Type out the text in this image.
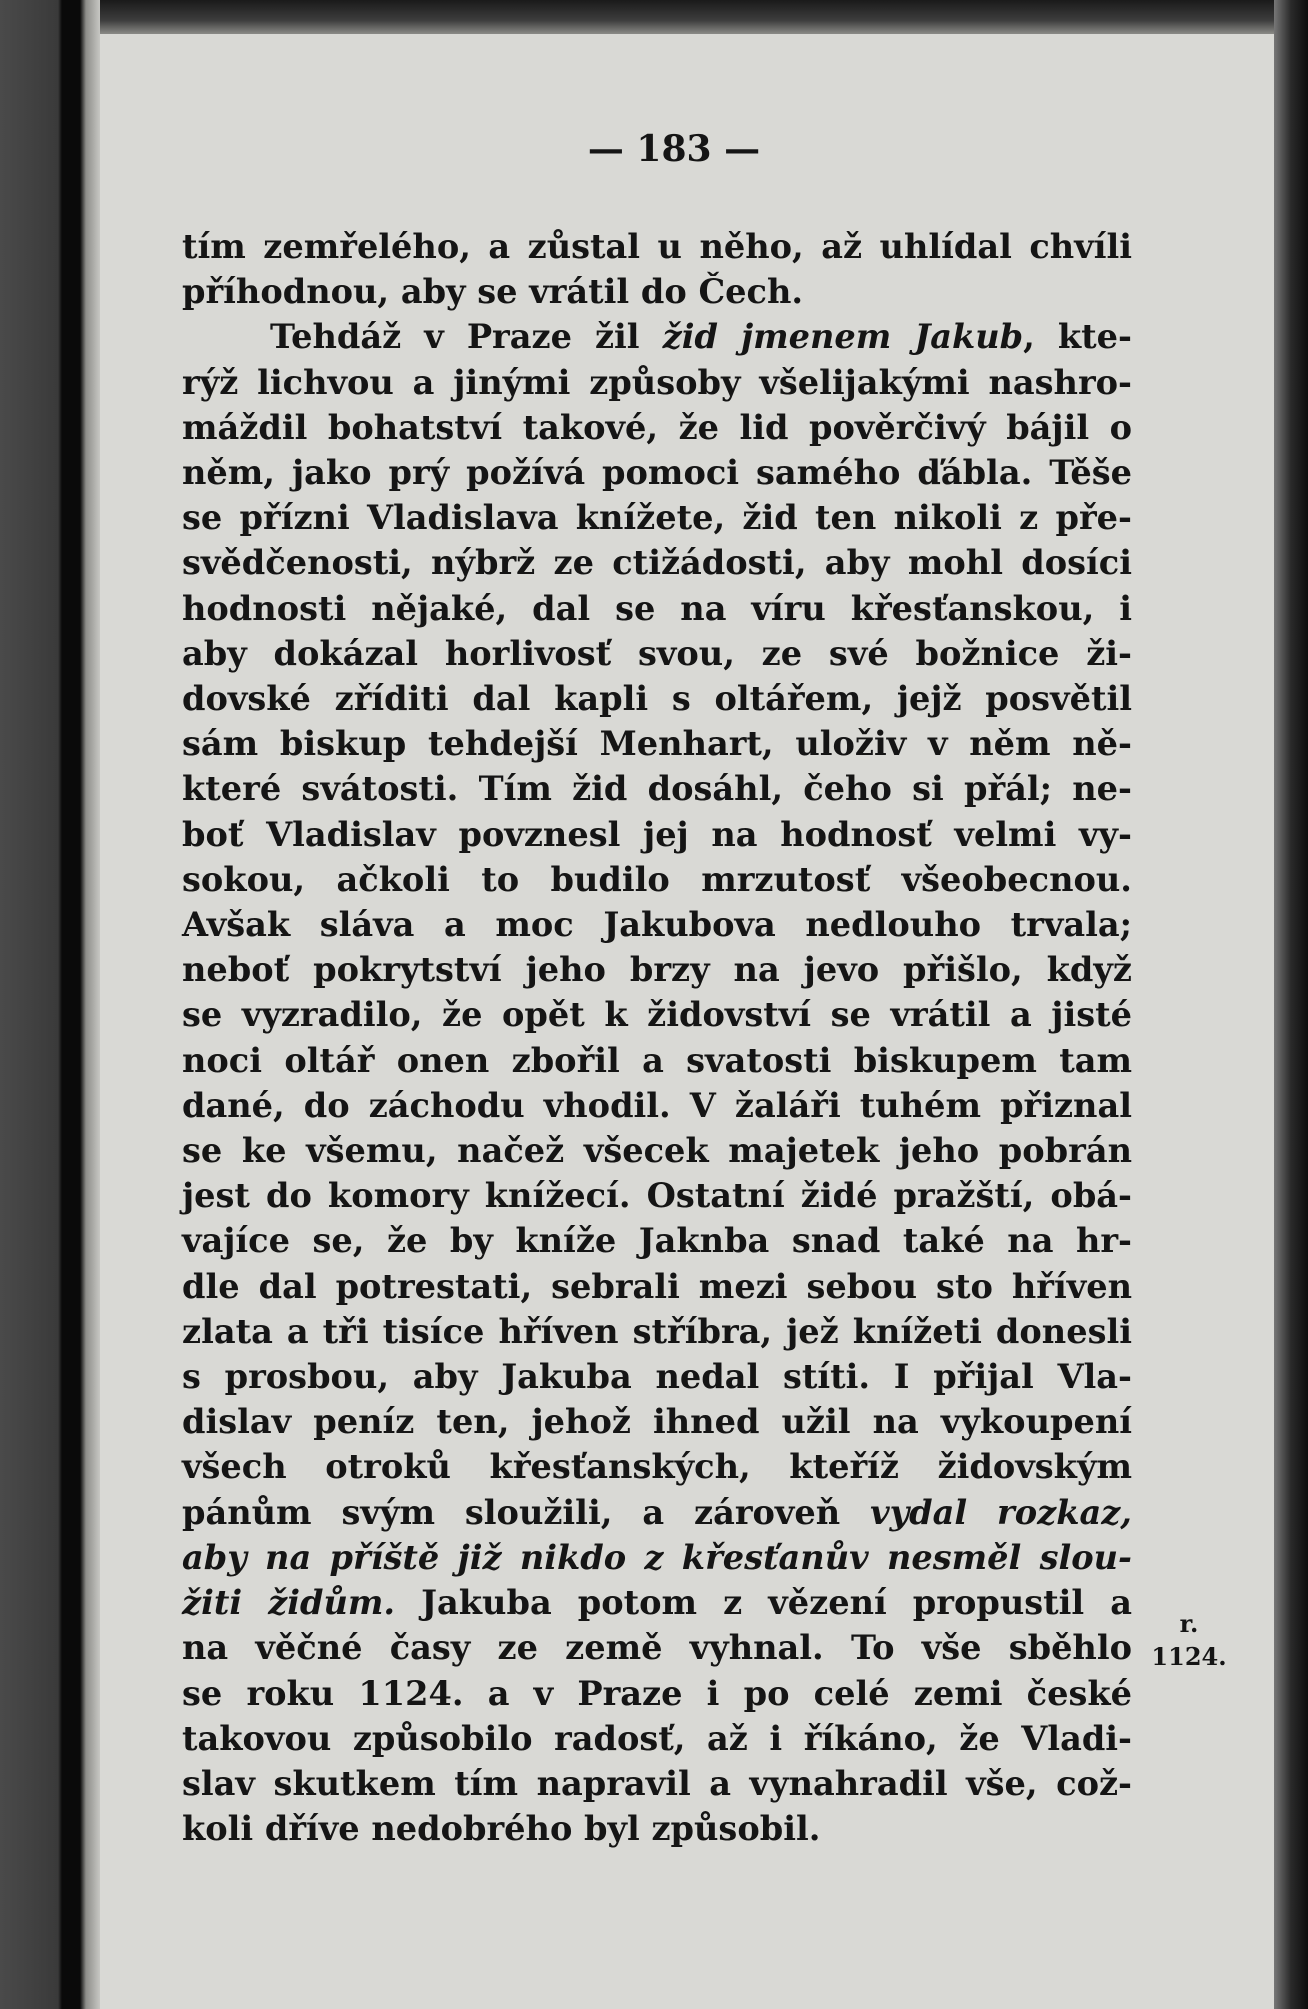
— 183 —
tím zemřelého, a zůstal u něho, až uhlídal chvíli
příhodnou, aby se vrátil do Čech.
Tehdáž v Praze žil žid jmenem Jakub, kte-
rýž lichvou a jinými způsoby všelijakými nashro-
máždil bohatství takové, že lid pověrčivý bájil o
něm, jako prý požívá pomoci samého ďábla. Těše
se přízni Vladislava knížete, žid ten nikoli z pře-
svědčenosti, nýbrž ze ctižádosti, aby mohl dosíci
hodnosti nějaké, dal se na víru křesťanskou, i
aby dokázal horlivosť svou, ze své božnice ži-
dovské zříditi dal kapli s oltářem, jejž posvětil
sám biskup tehdejší Menhart, uloživ v něm ně-
které svátosti. Tím žid dosáhl, čeho si přál; ne-
boť Vladislav povznesl jej na hodnosť velmi vy-
sokou, ačkoli to budilo mrzutosť všeobecnou.
Avšak sláva a moc Jakubova nedlouho trvala;
neboť pokrytství jeho brzy na jevo přišlo, když
se vyzradilo, že opět k židovství se vrátil a jisté
noci oltář onen zbořil a svatosti biskupem tam
dané, do záchodu vhodil. V žaláři tuhém přiznal
se ke všemu, načež všecek majetek jeho pobrán
jest do komory knížecí. Ostatní židé pražští, obá-
vajíce se, že by kníže Jaknba snad také na hr-
dle dal potrestati, sebrali mezi sebou sto hříven
zlata a tři tisíce hříven stříbra, jež knížeti donesli
s prosbou, aby Jakuba nedal stíti. I přijal Vla-
dislav peníz ten, jehož ihned užil na vykoupení
všech otroků křesťanských, kteříž židovským
pánům svým sloužili, a zároveň vydal rozkaz,
aby na příště již nikdo z křesťanův nesměl slou-
žiti židům. Jakuba potom z vězení propustil a
na věčné časy ze země vyhnal. To vše sběhlo
se roku 1124. a v Praze i po celé zemi české
takovou způsobilo radosť, až i říkáno, že Vladi-
slav skutkem tím napravil a vynahradil vše, což-
koli dříve nedobrého byl způsobil.
r.
1124.
